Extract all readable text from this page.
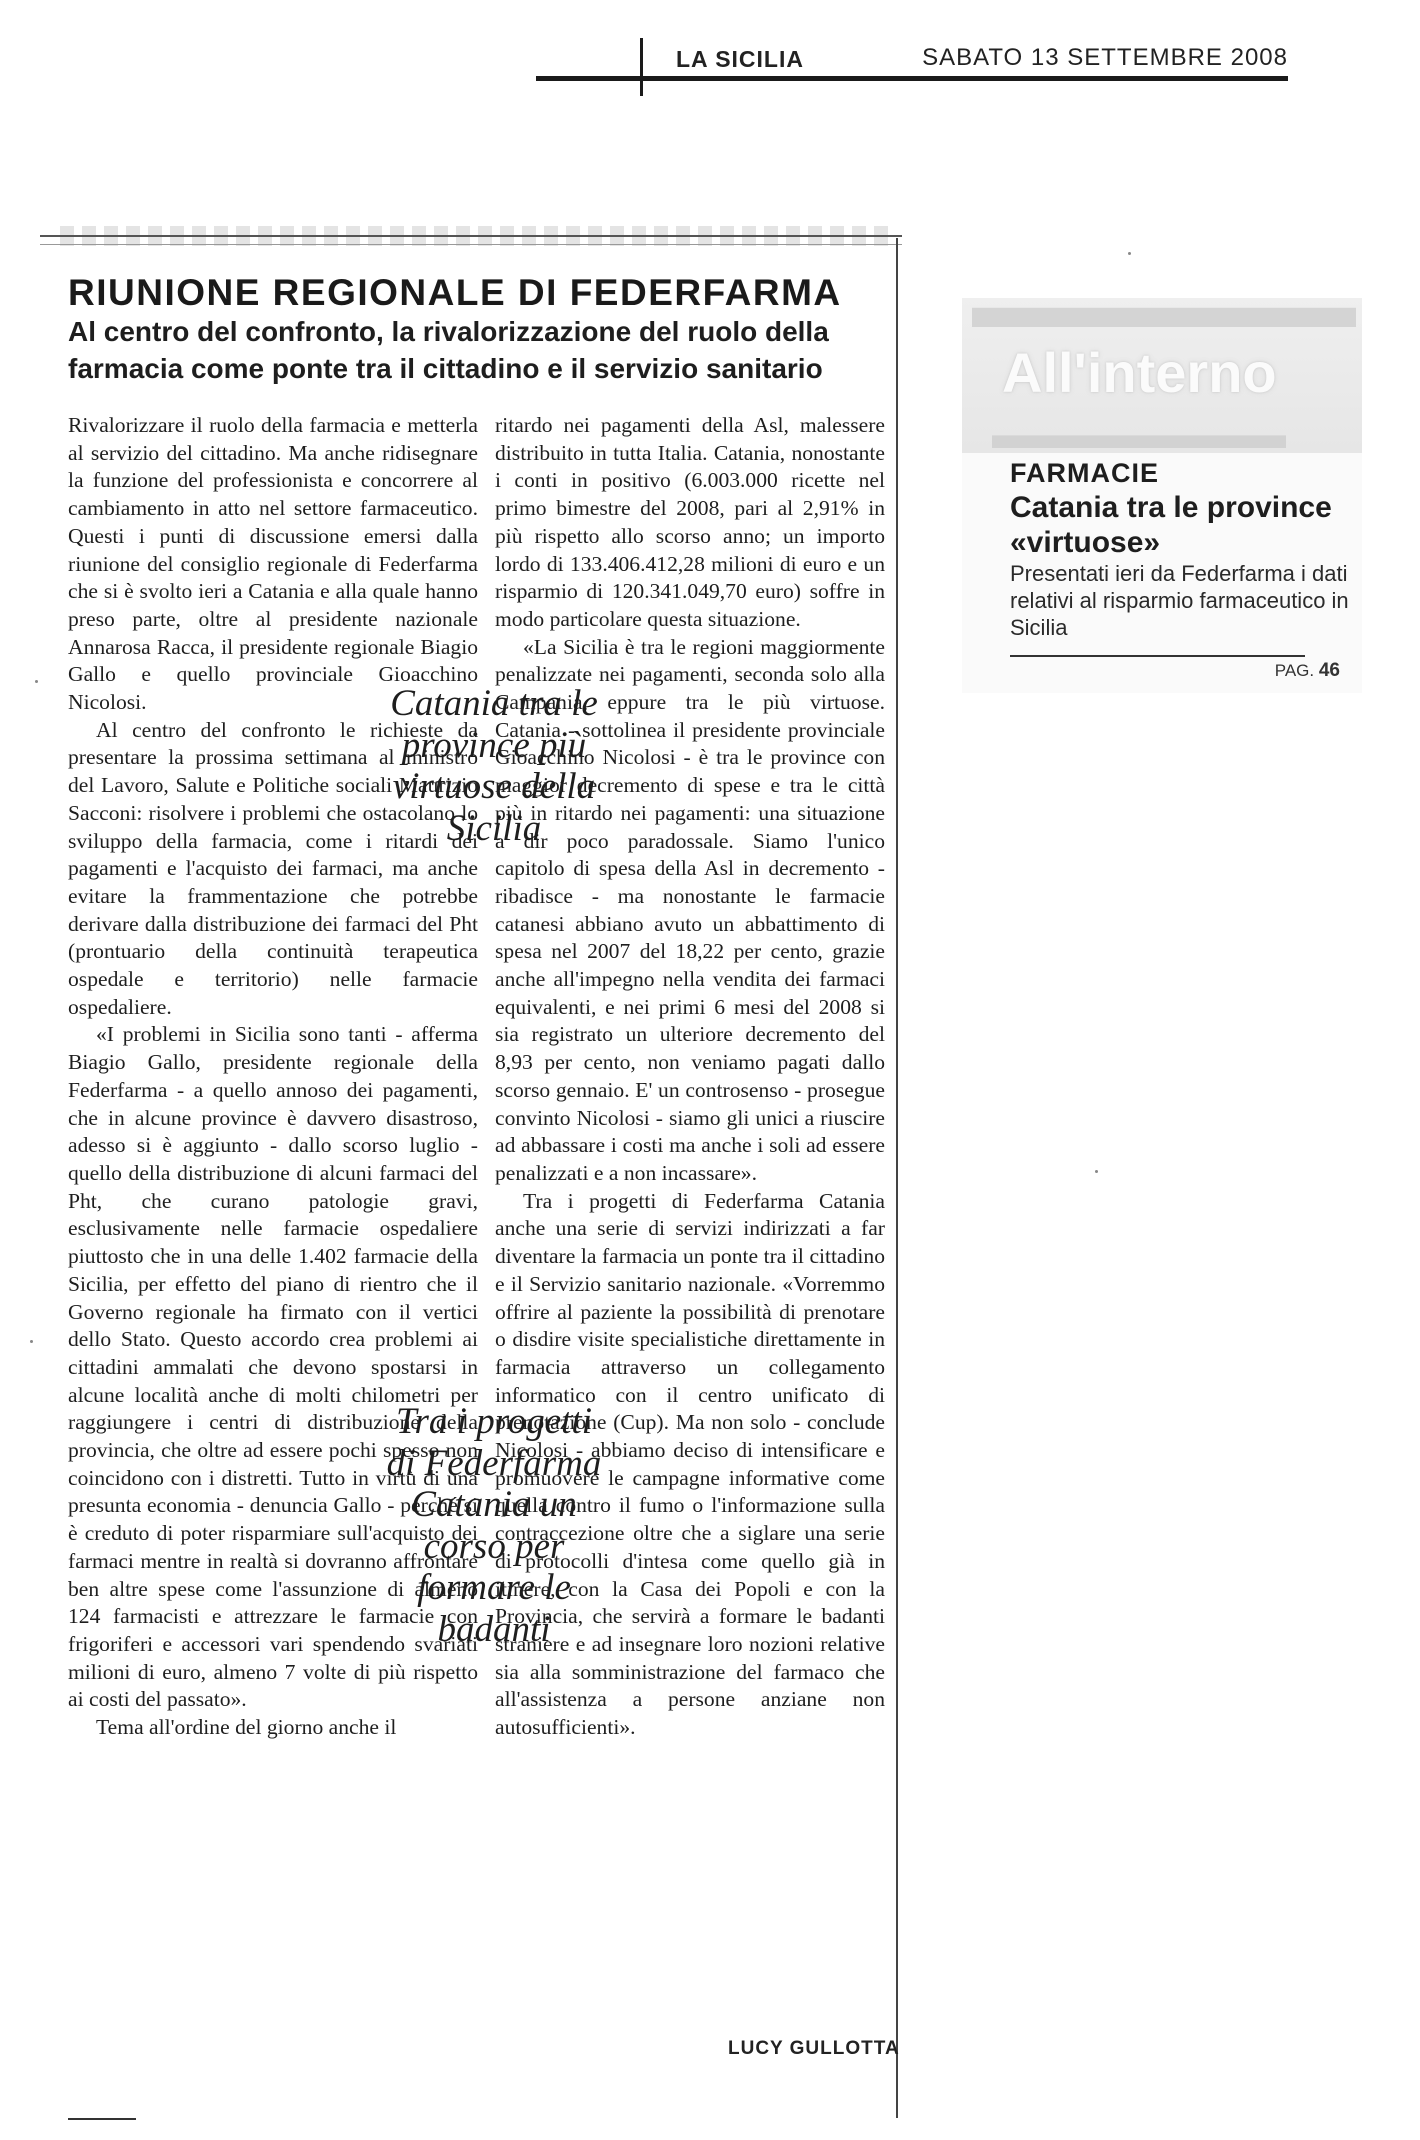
LA SICILIA	SABATO 13 SETTEMBRE 2008
RIUNIONE REGIONALE DI FEDERFARMA
Al centro del confronto, la rivalorizzazione del ruolo della farmacia come ponte tra il cittadino e il servizio sanitario

Rivalorizzare il ruolo della farmacia e metterla al servizio del cittadino. Ma anche ridisegnare la funzione del professionista e concorrere al cambiamento in atto nel settore farmaceutico. Questi i punti di discussione emersi dalla riunione del consiglio regionale di Federfarma che si è svolto ieri a Catania e alla quale hanno preso parte, oltre al presidente nazionale Annarosa Racca, il presidente regionale Biagio Gallo e quello provinciale Gioacchino Nicolosi.

Al centro del confronto le richieste da presentare la prossima settimana al ministro del Lavoro, Salute e Politiche sociali Maurizio Sacconi: risolvere i problemi che ostacolano lo sviluppo della farmacia, come i ritardi dei pagamenti e l'acquisto dei farmaci, ma anche evitare la frammentazione che potrebbe derivare dalla distribuzione dei farmaci del Pht (prontuario della continuità terapeutica ospedale e territorio) nelle farmacie ospedaliere.

«I problemi in Sicilia sono tanti - afferma Biagio Gallo, presidente regionale della Federfarma - a quello annoso dei pagamenti, che in alcune province è davvero disastroso, adesso si è aggiunto - dallo scorso luglio - quello della distribuzione di alcuni farmaci del Pht, che curano patologie gravi, esclusivamente nelle farmacie ospedaliere piuttosto che in una delle 1.402 farmacie della Sicilia, per effetto del piano di rientro che il Governo regionale ha firmato con il vertici dello Stato. Questo accordo crea problemi ai cittadini ammalati che devono spostarsi in alcune località anche di molti chilometri per raggiungere i centri di distribuzione della provincia, che oltre ad essere pochi spesso non coincidono con i distretti. Tutto in virtù di una presunta economia - denuncia Gallo - perché si è creduto di poter risparmiare sull'acquisto dei farmaci mentre in realtà si dovranno affrontare ben altre spese come l'assunzione di almeno 124 farmacisti e attrezzare le farmacie con frigoriferi e accessori vari spendendo svariati milioni di euro, almeno 7 volte di più rispetto ai costi del passato».

Tema all'ordine del giorno anche il

ritardo nei pagamenti della Asl, malessere distribuito in tutta Italia. Catania, nonostante i conti in positivo (6.003.000 ricette nel primo bimestre del 2008, pari al 2,91% in più rispetto allo scorso anno; un importo lordo di 133.406.412,28 milioni di euro e un risparmio di 120.341.049,70 euro) soffre in modo particolare questa situazione.

«La Sicilia è tra le regioni maggiormente penalizzate nei pagamenti, seconda solo alla Campania, eppure tra le più virtuose. Catania - sottolinea il presidente provinciale Gioacchino Nicolosi - è tra le province con maggior decremento di spese e tra le città più in ritardo nei pagamenti: una situazione a dir poco paradossale. Siamo l'unico capitolo di spesa della Asl in decremento - ribadisce - ma nonostante le farmacie catanesi abbiano avuto un abbattimento di spesa nel 2007 del 18,22 per cento, grazie anche all'impegno nella vendita dei farmaci equivalenti, e nei primi 6 mesi del 2008 si sia registrato un ulteriore decremento del 8,93 per cento, non veniamo pagati dallo scorso gennaio. E' un controsenso - prosegue convinto Nicolosi - siamo gli unici a riuscire ad abbassare i costi ma anche i soli ad essere penalizzati e a non incassare».

Tra i progetti di Federfarma Catania anche una serie di servizi indirizzati a far diventare la farmacia un ponte tra il cittadino e il Servizio sanitario nazionale. «Vorremmo offrire al paziente la possibilità di prenotare o disdire visite specialistiche direttamente in farmacia attraverso un collegamento informatico con il centro unificato di prenotazione (Cup). Ma non solo - conclude Nicolosi - abbiamo deciso di intensificare e promuovere le campagne informative come quella contro il fumo o l'informazione sulla contraccezione oltre che a siglare una serie di protocolli d'intesa come quello già in itinere, con la Casa dei Popoli e con la Provincia, che servirà a formare le badanti straniere e ad insegnare loro nozioni relative sia alla somministrazione del farmaco che all'assistenza a persone anziane non autosufficienti».

Catania tra le province più virtuose della Sicilia
Tra i progetti di Federfarma Catania un corso per formare le badanti
LUCY GULLOTTA
▬▬▬▬▬▬
All'interno
▬▬▬▬▬▬▬
FARMACIE
Catania tra le province «virtuose»
Presentati ieri da Federfarma i dati relativi al risparmio farmaceutico in Sicilia
PAG. 46
